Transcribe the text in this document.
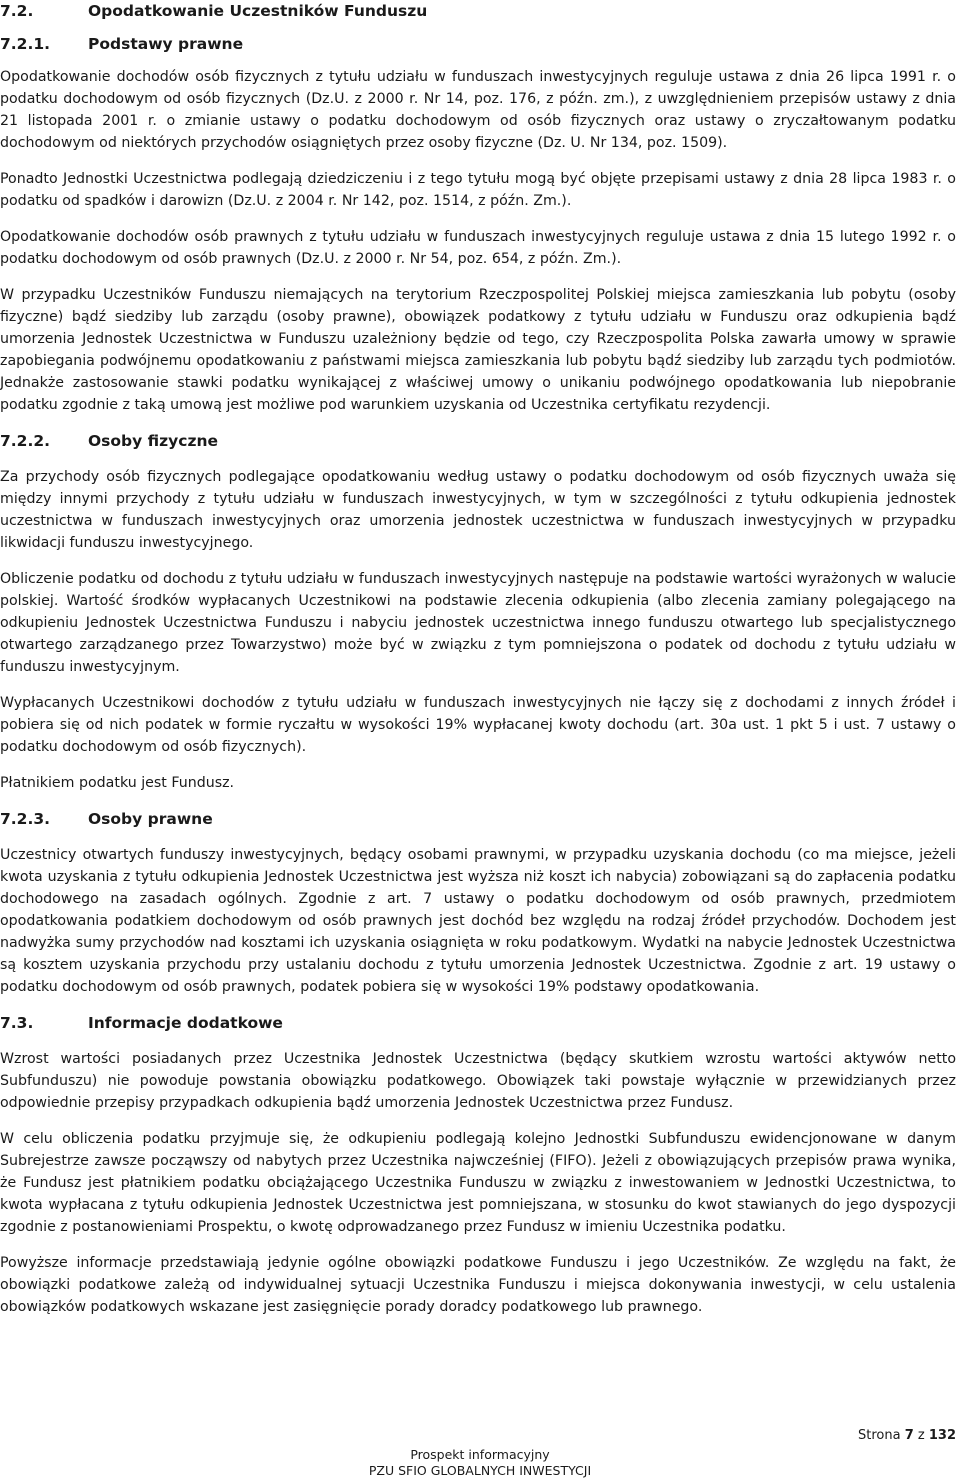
7.2.	Opodatkowanie Uczestników Funduszu
7.2.1.	Podstawy prawne

Opodatkowanie dochodów osób fizycznych z tytułu udziału w funduszach inwestycyjnych reguluje ustawa z dnia 26 lipca 1991 r. o podatku dochodowym od osób fizycznych (Dz.U. z 2000 r. Nr 14, poz. 176, z późn. zm.), z uwzględnieniem przepisów ustawy z dnia 21 listopada 2001 r. o zmianie ustawy o podatku dochodowym od osób fizycznych oraz ustawy o zryczałtowanym podatku dochodowym od niektórych przychodów osiągniętych przez osoby fizyczne (Dz. U. Nr 134, poz. 1509).

Ponadto Jednostki Uczestnictwa podlegają dziedziczeniu i z tego tytułu mogą być objęte przepisami ustawy z dnia 28 lipca 1983 r. o podatku od spadków i darowizn (Dz.U. z 2004 r. Nr 142, poz. 1514, z późn. Zm.).

Opodatkowanie dochodów osób prawnych z tytułu udziału w funduszach inwestycyjnych reguluje ustawa z dnia 15 lutego 1992 r. o podatku dochodowym od osób prawnych (Dz.U. z 2000 r. Nr 54, poz. 654, z późn. Zm.).

W przypadku Uczestników Funduszu niemających na terytorium Rzeczpospolitej Polskiej miejsca zamieszkania lub pobytu (osoby fizyczne) bądź siedziby lub zarządu (osoby prawne), obowiązek podatkowy z tytułu udziału w Funduszu oraz odkupienia bądź umorzenia Jednostek Uczestnictwa w Funduszu uzależniony będzie od tego, czy Rzeczpospolita Polska zawarła umowy w sprawie zapobiegania podwójnemu opodatkowaniu z państwami miejsca zamieszkania lub pobytu bądź siedziby lub zarządu tych podmiotów. Jednakże zastosowanie stawki podatku wynikającej z właściwej umowy o unikaniu podwójnego opodatkowania lub niepobranie podatku zgodnie z taką umową jest możliwe pod warunkiem uzyskania od Uczestnika certyfikatu rezydencji.

7.2.2.	Osoby fizyczne

Za przychody osób fizycznych podlegające opodatkowaniu według ustawy o podatku dochodowym od osób fizycznych uważa się między innymi przychody z tytułu udziału w funduszach inwestycyjnych, w tym w szczególności z tytułu odkupienia jednostek uczestnictwa w funduszach inwestycyjnych oraz umorzenia jednostek uczestnictwa w funduszach inwestycyjnych w przypadku likwidacji funduszu inwestycyjnego.

Obliczenie podatku od dochodu z tytułu udziału w funduszach inwestycyjnych następuje na podstawie wartości wyrażonych w walucie polskiej. Wartość środków wypłacanych Uczestnikowi na podstawie zlecenia odkupienia (albo zlecenia zamiany polegającego na odkupieniu Jednostek Uczestnictwa Funduszu i nabyciu jednostek uczestnictwa innego funduszu otwartego lub specjalistycznego otwartego zarządzanego przez Towarzystwo) może być w związku z tym pomniejszona o podatek od dochodu z tytułu udziału w funduszu inwestycyjnym.

Wypłacanych Uczestnikowi dochodów z tytułu udziału w funduszach inwestycyjnych nie łączy się z dochodami z innych źródeł i pobiera się od nich podatek w formie ryczałtu w wysokości 19% wypłacanej kwoty dochodu (art. 30a ust. 1 pkt 5 i ust. 7 ustawy o podatku dochodowym od osób fizycznych).

Płatnikiem podatku jest Fundusz.

7.2.3.	Osoby prawne

Uczestnicy otwartych funduszy inwestycyjnych, będący osobami prawnymi, w przypadku uzyskania dochodu (co ma miejsce, jeżeli kwota uzyskania z tytułu odkupienia Jednostek Uczestnictwa jest wyższa niż koszt ich nabycia) zobowiązani są do zapłacenia podatku dochodowego na zasadach ogólnych. Zgodnie z art. 7 ustawy o podatku dochodowym od osób prawnych, przedmiotem opodatkowania podatkiem dochodowym od osób prawnych jest dochód bez względu na rodzaj źródeł przychodów. Dochodem jest nadwyżka sumy przychodów nad kosztami ich uzyskania osiągnięta w roku podatkowym. Wydatki na nabycie Jednostek Uczestnictwa są kosztem uzyskania przychodu przy ustalaniu dochodu z tytułu umorzenia Jednostek Uczestnictwa. Zgodnie z art. 19 ustawy o podatku dochodowym od osób prawnych, podatek pobiera się w wysokości 19% podstawy opodatkowania.

7.3.	Informacje dodatkowe

Wzrost wartości posiadanych przez Uczestnika Jednostek Uczestnictwa (będący skutkiem wzrostu wartości aktywów netto Subfunduszu) nie powoduje powstania obowiązku podatkowego. Obowiązek taki powstaje wyłącznie w przewidzianych przez odpowiednie przepisy przypadkach odkupienia bądź umorzenia Jednostek Uczestnictwa przez Fundusz.

W celu obliczenia podatku przyjmuje się, że odkupieniu podlegają kolejno Jednostki Subfunduszu ewidencjonowane w danym Subrejestrze zawsze począwszy od nabytych przez Uczestnika najwcześniej (FIFO). Jeżeli z obowiązujących przepisów prawa wynika, że Fundusz jest płatnikiem podatku obciążającego Uczestnika Funduszu w związku z inwestowaniem w Jednostki Uczestnictwa, to kwota wypłacana z tytułu odkupienia Jednostek Uczestnictwa jest pomniejszana, w stosunku do kwot stawianych do jego dyspozycji zgodnie z postanowieniami Prospektu, o kwotę odprowadzanego przez Fundusz w imieniu Uczestnika podatku.

Powyższe informacje przedstawiają jedynie ogólne obowiązki podatkowe Funduszu i jego Uczestników. Ze względu na fakt, że obowiązki podatkowe zależą od indywidualnej sytuacji Uczestnika Funduszu i miejsca dokonywania inwestycji, w celu ustalenia obowiązków podatkowych wskazane jest zasięgnięcie porady doradcy podatkowego lub prawnego.

Strona 7 z 132
Prospekt informacyjny
PZU SFIO GLOBALNYCH INWESTYCJI
